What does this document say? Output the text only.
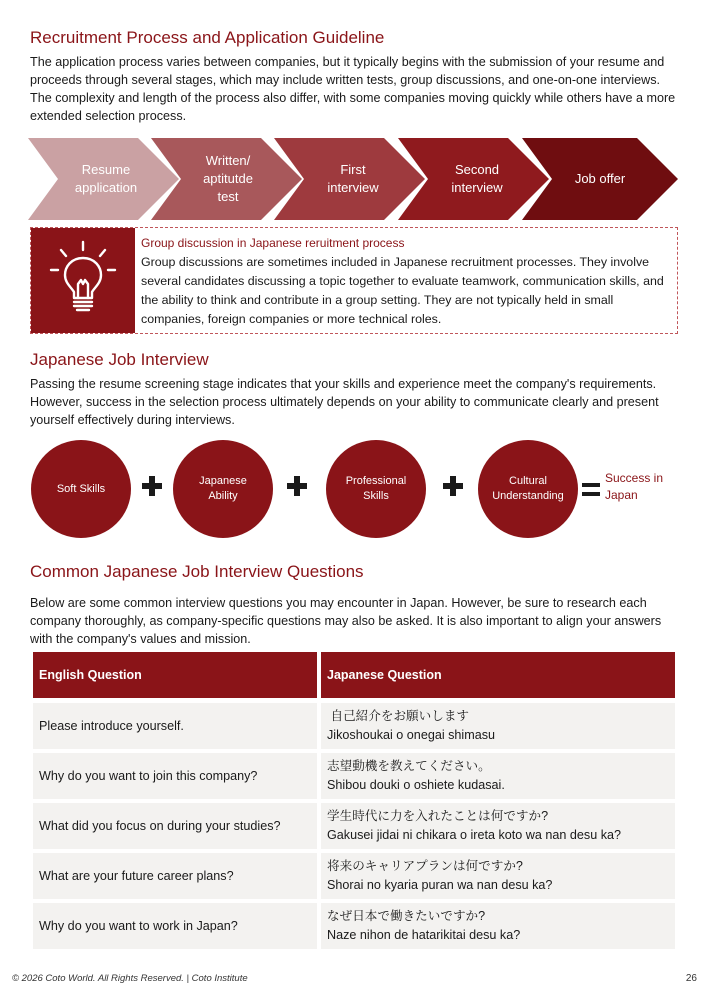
Recruitment Process and Application Guideline
The application process varies between companies, but it typically begins with the submission of your resume and proceeds through several stages, which may include written tests, group discussions, and one-on-one interviews. The complexity and length of the process also differ, with some companies moving quickly while others have a more extended selection process.
Resume
application
Written/
aptitutde
test
First
interview
Second
interview
Job offer
Group discussion in Japanese reruitment process
Group discussions are sometimes included in Japanese recruitment processes. They involve several candidates discussing a topic together to evaluate teamwork, communication skills, and the ability to think and contribute in a group setting. They are not typically held in small companies, foreign companies or more technical roles.
Japanese Job Interview
Passing the resume screening stage indicates that your skills and experience meet the company's requirements. However, success in the selection process ultimately depends on your ability to communicate clearly and present yourself effectively during interviews.
Soft Skills
Japanese
Ability
Professional
Skills
Cultural
Understanding
Success in
Japan
Common Japanese Job Interview Questions
Below are some common interview questions you may encounter in Japan. However, be sure to research each company thoroughly, as company-specific questions may also be asked. It is also important to align your answers with the company's values and mission.
English Question	Japanese Question
Please introduce yourself.
自己紹介をお願いします
Jikoshoukai o onegai shimasu
Why do you want to join this company?
志望動機を教えてください。
Shibou douki o oshiete kudasai.
What did you focus on during your studies?
学生時代に力を入れたことは何ですか?
Gakusei jidai ni chikara o ireta koto wa nan desu ka?
What are your future career plans?
将来のキャリアプランは何ですか?
Shorai no kyaria puran wa nan desu ka?
Why do you want to work in Japan?
なぜ日本で働きたいですか?
Naze nihon de hatarikitai desu ka?
© 2026 Coto World. All Rights Reserved. | Coto Institute	26
